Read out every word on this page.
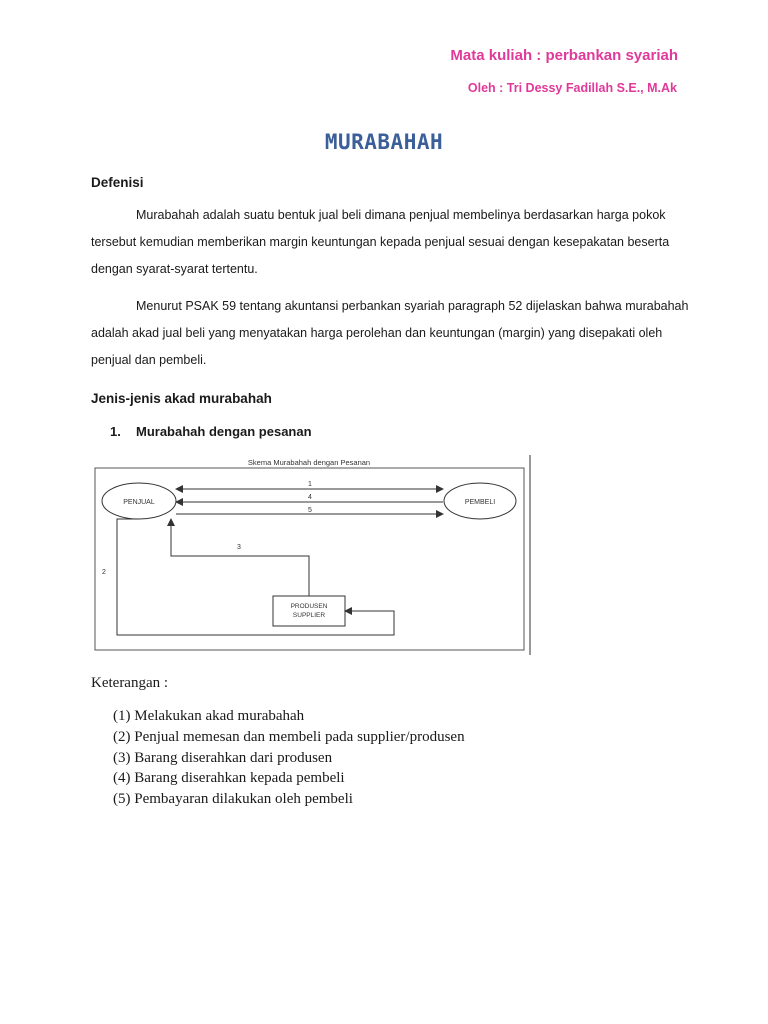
Mata kuliah : perbankan syariah
Oleh : Tri Dessy Fadillah S.E., M.Ak
MURABAHAH
Defenisi
Murabahah adalah suatu bentuk jual beli dimana penjual membelinya berdasarkan harga pokok tersebut kemudian memberikan margin keuntungan kepada penjual sesuai dengan kesepakatan beserta dengan syarat-syarat tertentu.
Menurut PSAK 59 tentang akuntansi perbankan syariah paragraph 52 dijelaskan bahwa murabahah adalah akad jual beli yang menyatakan harga perolehan dan keuntungan (margin) yang disepakati oleh penjual dan pembeli.
Jenis-jenis akad murabahah
1. Murabahah dengan pesanan
Skema Murabahah dengan Pesanan
PENJUAL	PEMBELI
PRODUSEN
SUPPLIER
1
4
5
2
3
Keterangan :
(1) Melakukan akad murabahah
(2) Penjual memesan dan membeli pada supplier/produsen
(3) Barang diserahkan dari produsen
(4) Barang diserahkan kepada pembeli
(5) Pembayaran dilakukan oleh pembeli
